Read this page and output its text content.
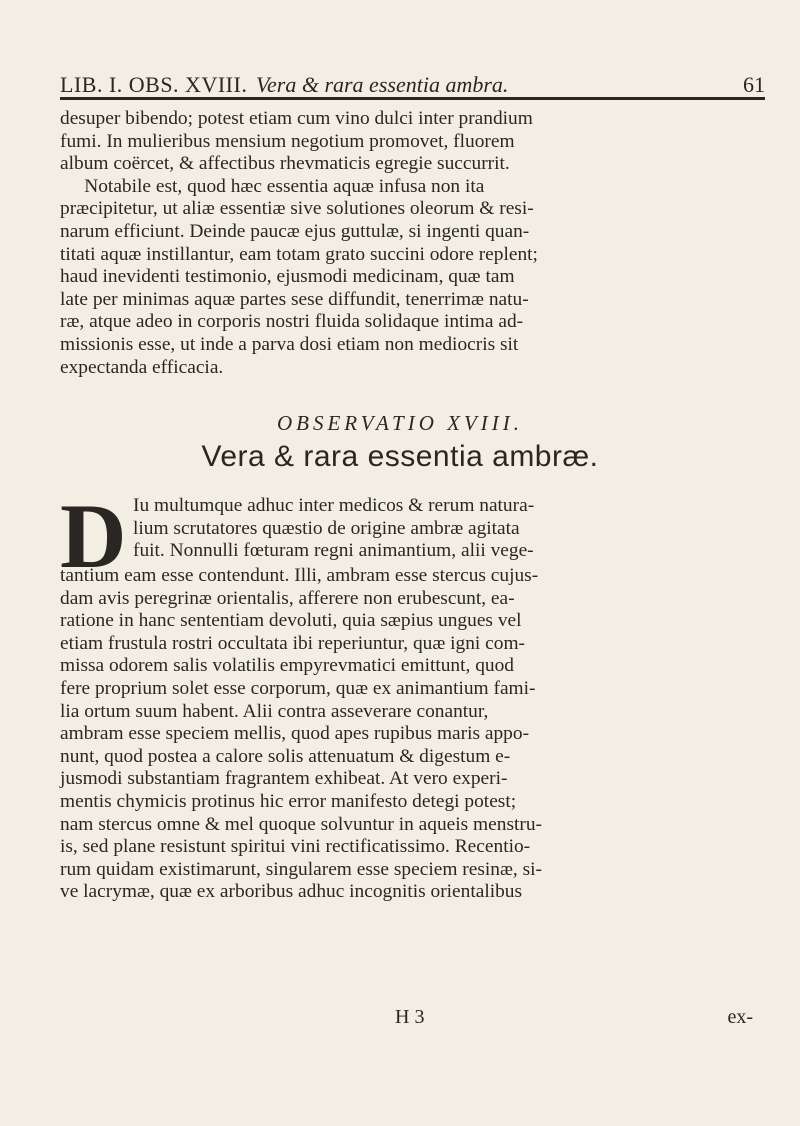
LIB. I. OBS. XVIII. Vera & rara essentia ambra.	61
desuper bibendo; potest etiam cum vino dulci inter prandium
fumi. In mulieribus mensium negotium promovet, fluorem
album coërcet, & affectibus rhevmaticis egregie succurrit.
Notabile est, quod hæc essentia aquæ infusa non ita
præcipitetur, ut aliæ essentiæ sive solutiones oleorum & resi-
narum efficiunt. Deinde paucæ ejus guttulæ, si ingenti quan-
titati aquæ instillantur, eam totam grato succini odore replent;
haud inevidenti testimonio, ejusmodi medicinam, quæ tam
late per minimas aquæ partes sese diffundit, tenerrimæ natu-
ræ, atque adeo in corporis nostri fluida solidaque intima ad-
missionis esse, ut inde a parva dosi etiam non mediocris sit
expectanda efficacia.
OBSERVATIO XVIII.
Vera & rara essentia ambræ.
D Iu multumque adhuc inter medicos & rerum natura-
lium scrutatores quæstio de origine ambræ agitata
fuit. Nonnulli fœturam regni animantium, alii vege-
tantium eam esse contendunt. Illi, ambram esse stercus cujus-
dam avis peregrinæ orientalis, afferere non erubescunt, ea-
ratione in hanc sententiam devoluti, quia sæpius ungues vel
etiam frustula rostri occultata ibi reperiuntur, quæ igni com-
missa odorem salis volatilis empyrevmatici emittunt, quod
fere proprium solet esse corporum, quæ ex animantium fami-
lia ortum suum habent. Alii contra asseverare conantur,
ambram esse speciem mellis, quod apes rupibus maris appo-
nunt, quod postea a calore solis attenuatum & digestum e-
jusmodi substantiam fragrantem exhibeat. At vero experi-
mentis chymicis protinus hic error manifesto detegi potest;
nam stercus omne & mel quoque solvuntur in aqueis menstru-
is, sed plane resistunt spiritui vini rectificatissimo. Recentio-
rum quidam existimarunt, singularem esse speciem resinæ, si-
ve lacrymæ, quæ ex arboribus adhuc incognitis orientalibus
H 3	ex-
